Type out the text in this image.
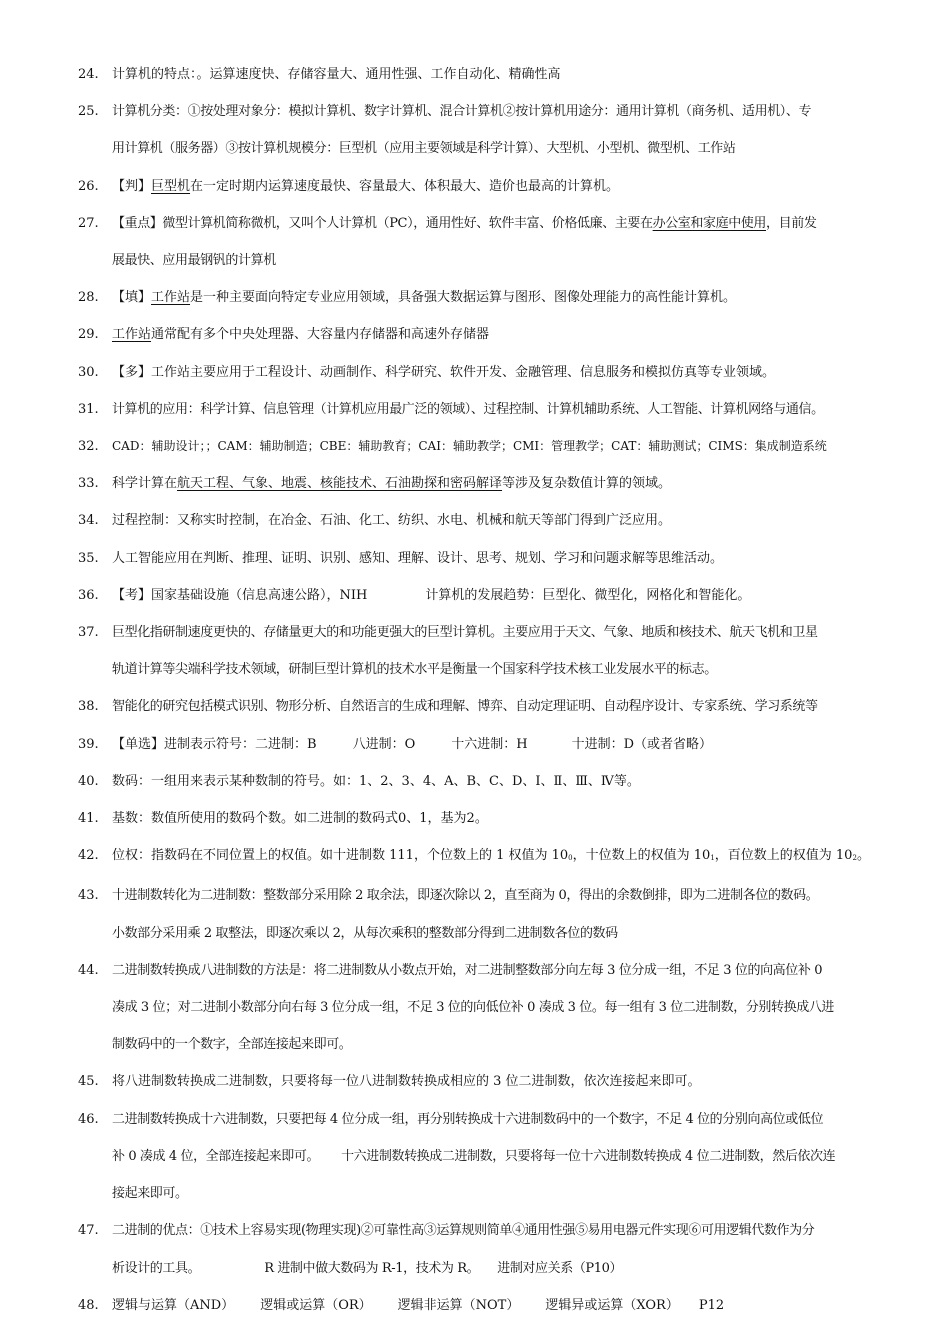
24.	计算机的特点：。运算速度快、存储容量大、通用性强、工作自动化、精确性高
25.	计算机分类：①按处理对象分：模拟计算机、数字计算机、混合计算机②按计算机用途分：通用计算机（商务机、适用机）、专
用计算机（服务器）③按计算机规模分：巨型机（应用主要领域是科学计算）、大型机、小型机、微型机、工作站
26.	【判】巨型机在一定时期内运算速度最快、容量最大、体积最大、造价也最高的计算机。
27.	【重点】微型计算机简称微机，又叫个人计算机（PC），通用性好、软件丰富、价格低廉、主要在办公室和家庭中使用，目前发
展最快、应用最钢钒的计算机
28.	【填】工作站是一种主要面向特定专业应用领域，具备强大数据运算与图形、图像处理能力的高性能计算机。
29.	工作站通常配有多个中央处理器、大容量内存储器和高速外存储器
30.	【多】工作站主要应用于工程设计、动画制作、科学研究、软件开发、金融管理、信息服务和模拟仿真等专业领域。
31.	计算机的应用：科学计算、信息管理（计算机应用最广泛的领域）、过程控制、计算机辅助系统、人工智能、计算机网络与通信。
32.	CAD：辅助设计；；CAM：辅助制造；CBE：辅助教育；CAI：辅助教学；CMI：管理教学；CAT：辅助测试；CIMS：集成制造系统
33.	科学计算在航天工程、气象、地震、核能技术、石油勘探和密码解译等涉及复杂数值计算的领域。
34.	过程控制：又称实时控制，在冶金、石油、化工、纺织、水电、机械和航天等部门得到广泛应用。
35.	人工智能应用在判断、推理、证明、识别、感知、理解、设计、思考、规划、学习和问题求解等思维活动。
36.	【考】国家基础设施（信息高速公路），NIH	计算机的发展趋势：巨型化、微型化，网格化和智能化。
37.	巨型化指研制速度更快的、存储量更大的和功能更强大的巨型计算机。主要应用于天文、气象、地质和核技术、航天飞机和卫星
轨道计算等尖端科学技术领域，研制巨型计算机的技术水平是衡量一个国家科学技术核工业发展水平的标志。
38.	智能化的研究包括模式识别、物形分析、自然语言的生成和理解、博弈、自动定理证明、自动程序设计、专家系统、学习系统等
39.	【单选】进制表示符号：二进制：B	八进制：O	十六进制：H	十进制：D（或者省略）
40.	数码：一组用来表示某种数制的符号。如：1、2、3、4、A、B、C、D、Ⅰ、Ⅱ、Ⅲ、Ⅳ等。
41.	基数：数值所使用的数码个数。如二进制的数码式0、1，基为2。
42.	位权：指数码在不同位置上的权值。如十进制数 111，个位数上的 1 权值为 $10_0$，十位数上的权值为 $10_1$，百位数上的权值为 $10_2$。
43.	十进制数转化为二进制数：整数部分采用除 2 取余法，即逐次除以 2，直至商为 0，得出的余数倒排，即为二进制各位的数码。
小数部分采用乘 2 取整法，即逐次乘以 2，从每次乘积的整数部分得到二进制数各位的数码
44.	二进制数转换成八进制数的方法是：将二进制数从小数点开始，对二进制整数部分向左每 3 位分成一组，不足 3 位的向高位补 0
凑成 3 位；对二进制小数部分向右每 3 位分成一组，不足 3 位的向低位补 0 凑成 3 位。每一组有 3 位二进制数，分别转换成八进
制数码中的一个数字，全部连接起来即可。
45.	将八进制数转换成二进制数，只要将每一位八进制数转换成相应的 3 位二进制数，依次连接起来即可。
46.	二进制数转换成十六进制数，只要把每 4 位分成一组，再分别转换成十六进制数码中的一个数字，不足 4 位的分别向高位或低位
补 0 凑成 4 位，全部连接起来即可。 十六进制数转换成二进制数，只要将每一位十六进制数转换成 4 位二进制数，然后依次连
接起来即可。
47.	二进制的优点：①技术上容易实现(物理实现)②可靠性高③运算规则简单④通用性强⑤易用电器元件实现⑥可用逻辑代数作为分
析设计的工具。	R 进制中做大数码为 R-1，技术为 R。 进制对应关系（P10）
48.	逻辑与运算（AND） 逻辑或运算（OR） 逻辑非运算（NOT） 逻辑异或运算（XOR） P12
